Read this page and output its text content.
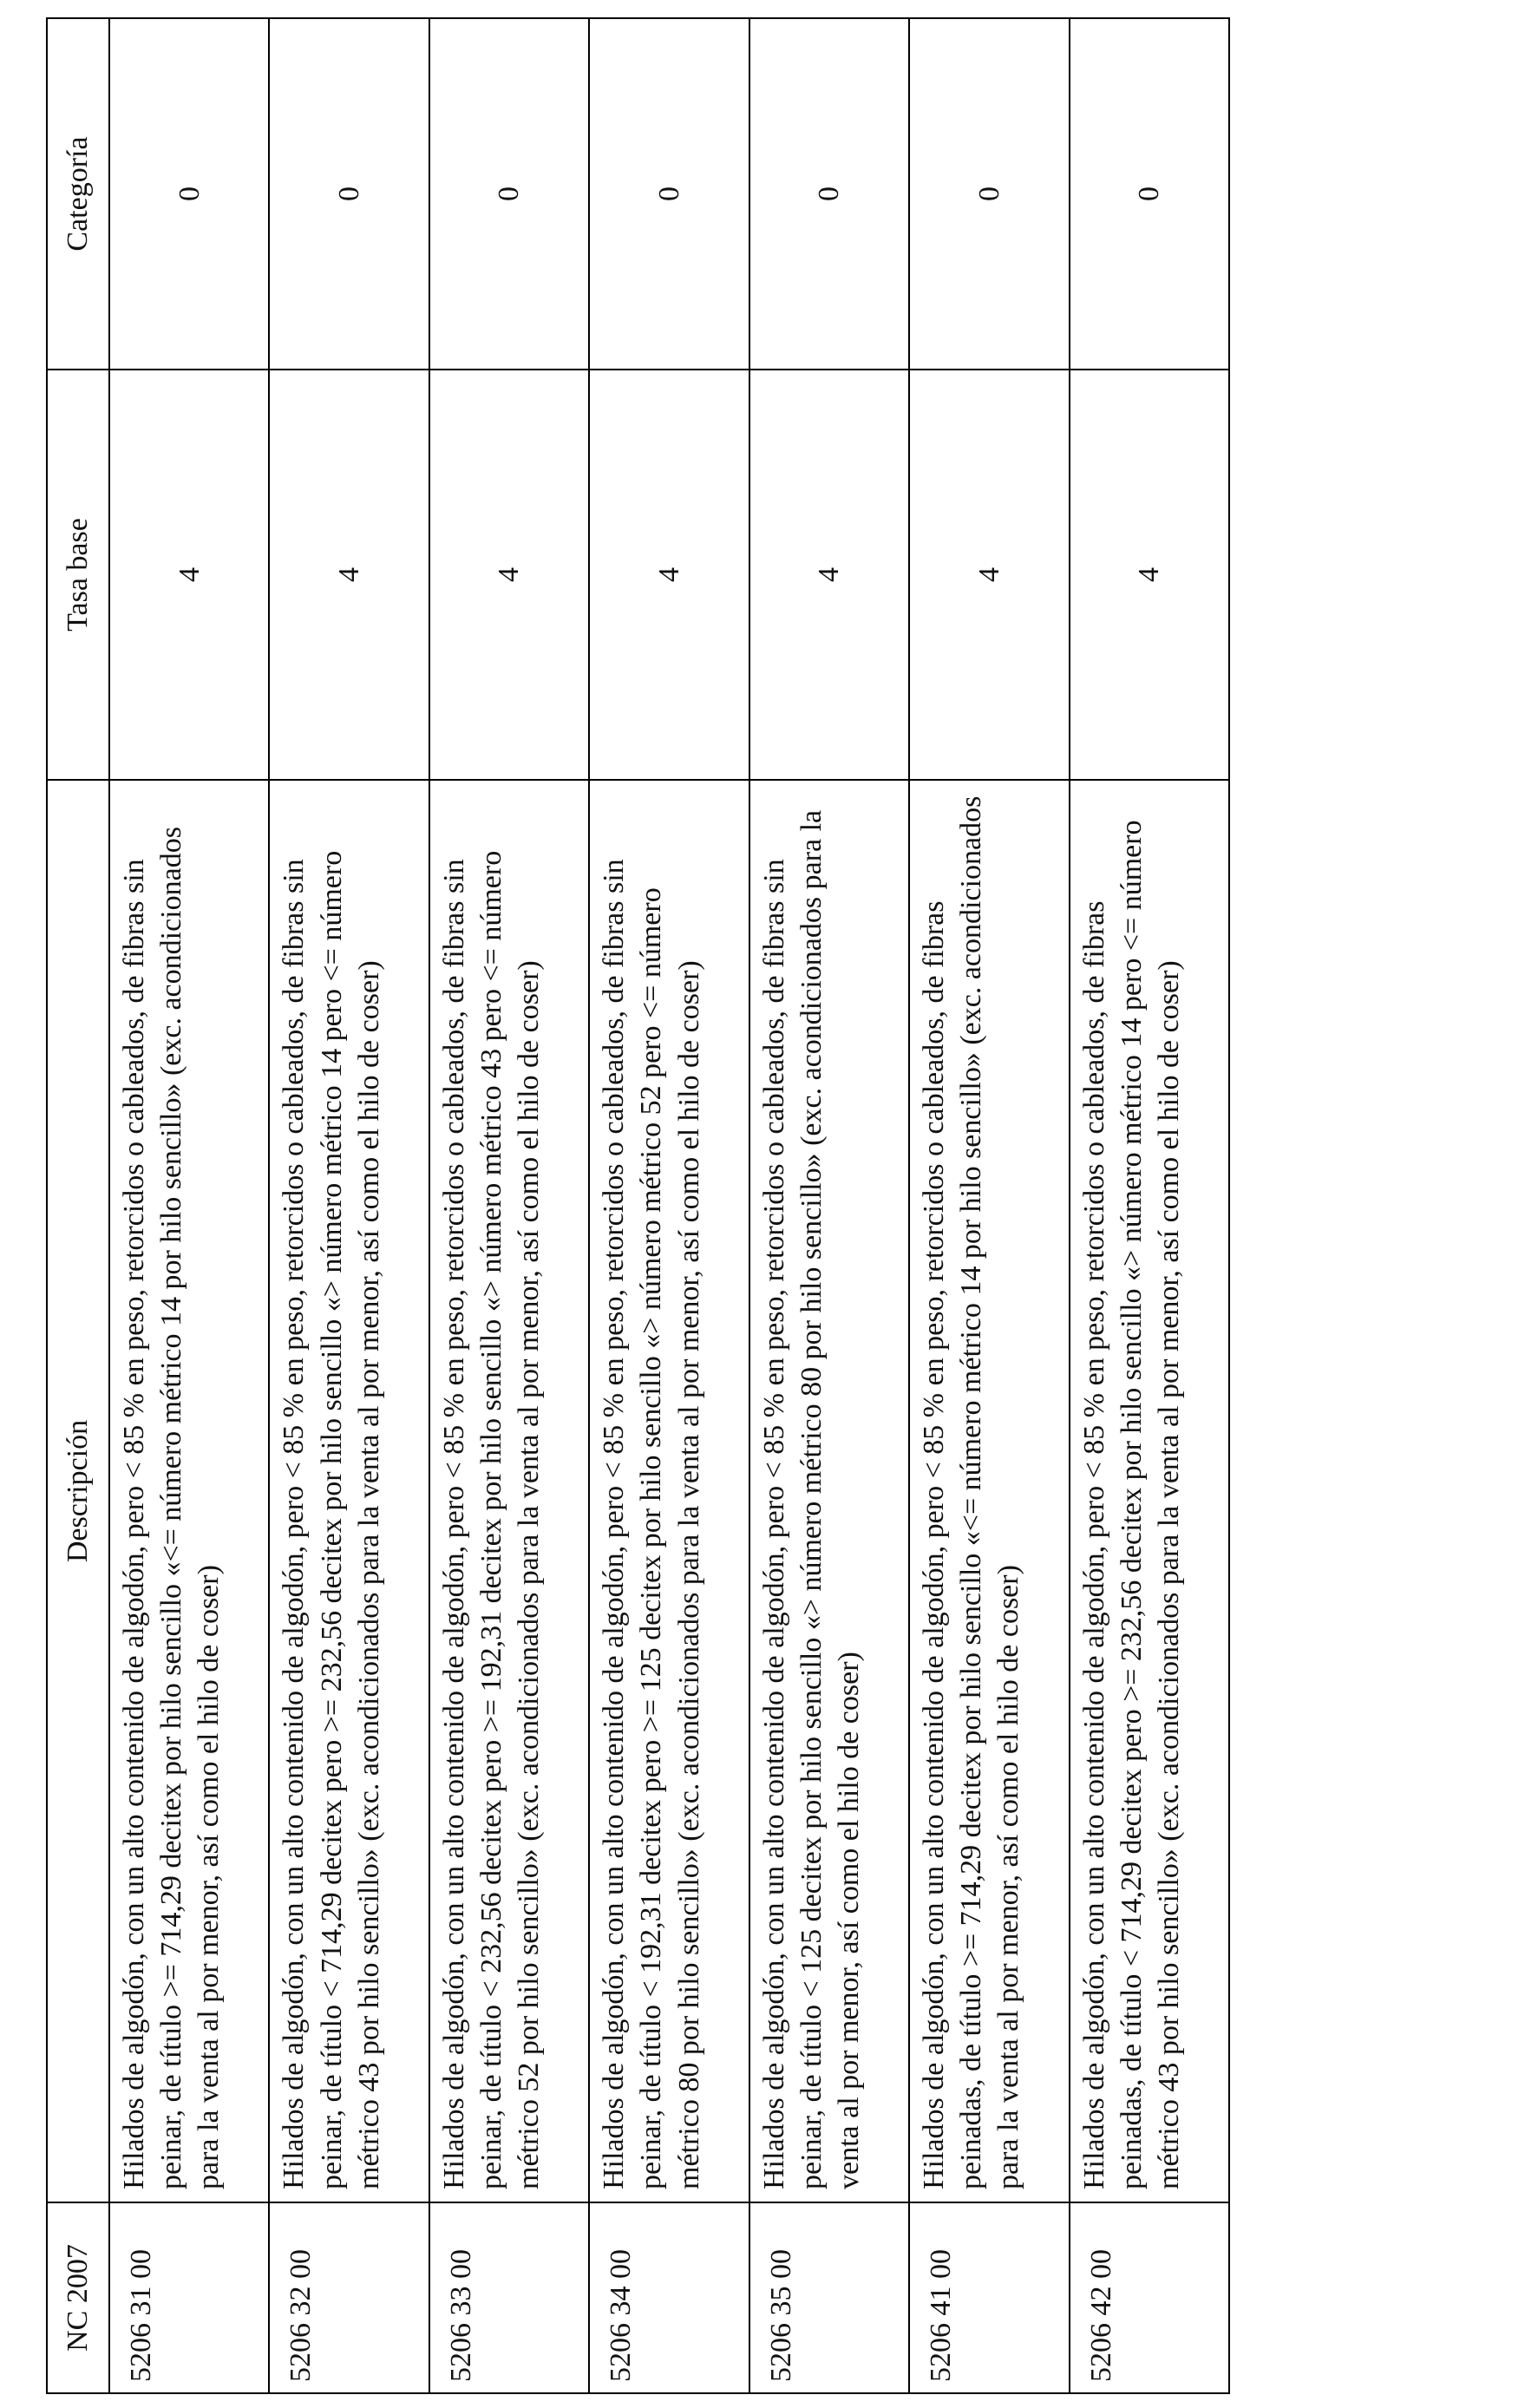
NC 2007	Descripción	Tasa base	Categoría
5206 31 00	Hilados de algodón, con un alto contenido de algodón, pero < 85 % en peso, retorcidos o cableados, de fibras sin peinar, de título >= 714,29 decitex por hilo sencillo «<= número métrico 14 por hilo sencillo» (exc. acondicionados para la venta al por menor, así como el hilo de coser)	4	0
5206 32 00	Hilados de algodón, con un alto contenido de algodón, pero < 85 % en peso, retorcidos o cableados, de fibras sin peinar, de título < 714,29 decitex pero >= 232,56 decitex por hilo sencillo «> número métrico 14 pero <= número métrico 43 por hilo sencillo» (exc. acondicionados para la venta al por menor, así como el hilo de coser)	4	0
5206 33 00	Hilados de algodón, con un alto contenido de algodón, pero < 85 % en peso, retorcidos o cableados, de fibras sin peinar, de título < 232,56 decitex pero >= 192,31 decitex por hilo sencillo «> número métrico 43 pero <= número métrico 52 por hilo sencillo» (exc. acondicionados para la venta al por menor, así como el hilo de coser)	4	0
5206 34 00	Hilados de algodón, con un alto contenido de algodón, pero < 85 % en peso, retorcidos o cableados, de fibras sin peinar, de título < 192,31 decitex pero >= 125 decitex por hilo sencillo «> número métrico 52 pero <= número métrico 80 por hilo sencillo» (exc. acondicionados para la venta al por menor, así como el hilo de coser)	4	0
5206 35 00	Hilados de algodón, con un alto contenido de algodón, pero < 85 % en peso, retorcidos o cableados, de fibras sin peinar, de título < 125 decitex por hilo sencillo «> número métrico 80 por hilo sencillo» (exc. acondicionados para la venta al por menor, así como el hilo de coser)	4	0
5206 41 00	Hilados de algodón, con un alto contenido de algodón, pero < 85 % en peso, retorcidos o cableados, de fibras peinadas, de título >= 714,29 decitex por hilo sencillo «<= número métrico 14 por hilo sencillo» (exc. acondicionados para la venta al por menor, así como el hilo de coser)	4	0
5206 42 00	Hilados de algodón, con un alto contenido de algodón, pero < 85 % en peso, retorcidos o cableados, de fibras peinadas, de título < 714,29 decitex pero >= 232,56 decitex por hilo sencillo «> número métrico 14 pero <= número métrico 43 por hilo sencillo» (exc. acondicionados para la venta al por menor, así como el hilo de coser)	4	0
